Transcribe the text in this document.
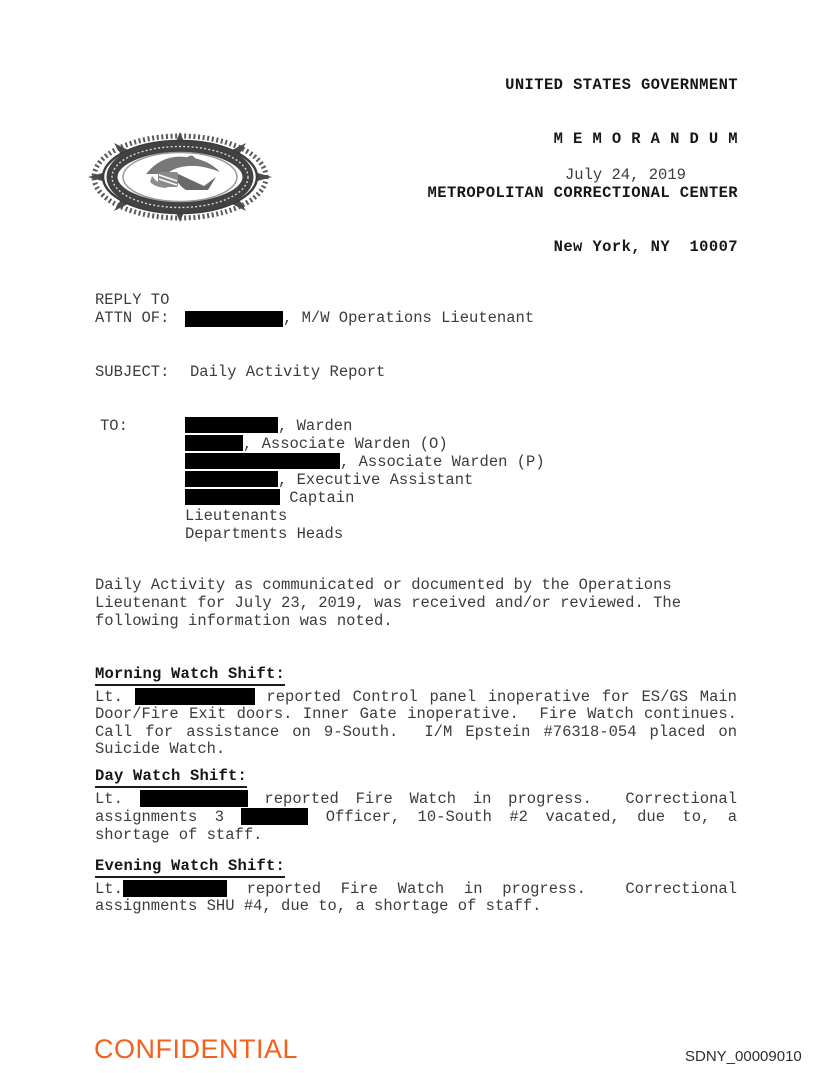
UNITED STATES GOVERNMENT

M E M O R A N D U M

METROPOLITAN CORRECTIONAL CENTER

New York, NY  10007

July 24, 2019
REPLY TO
ATTN OF:	, M/W Operations Lieutenant
SUBJECT:	Daily Activity Report
TO:	, Warden
, Associate Warden (O)
, Associate Warden (P)
, Executive Assistant
Captain
Lieutenants
Departments Heads
Daily Activity as communicated or documented by the Operations
Lieutenant for July 23, 2019, was received and/or reviewed. The
following information was noted.
Morning Watch Shift:
Lt.	reported Control panel inoperative for ES/GS Main
Door/Fire Exit doors. Inner Gate inoperative.  Fire Watch continues.
Call for assistance on 9-South.  I/M Epstein #76318-054 placed on
Suicide Watch.
Day Watch Shift:
Lt.	reported Fire Watch in progress.  Correctional
assignments 3	Officer, 10-South #2 vacated, due to, a
shortage of staff.
Evening Watch Shift:
Lt.	reported Fire Watch in progress.  Correctional
assignments SHU #4, due to, a shortage of staff.
CONFIDENTIAL	SDNY_00009010
